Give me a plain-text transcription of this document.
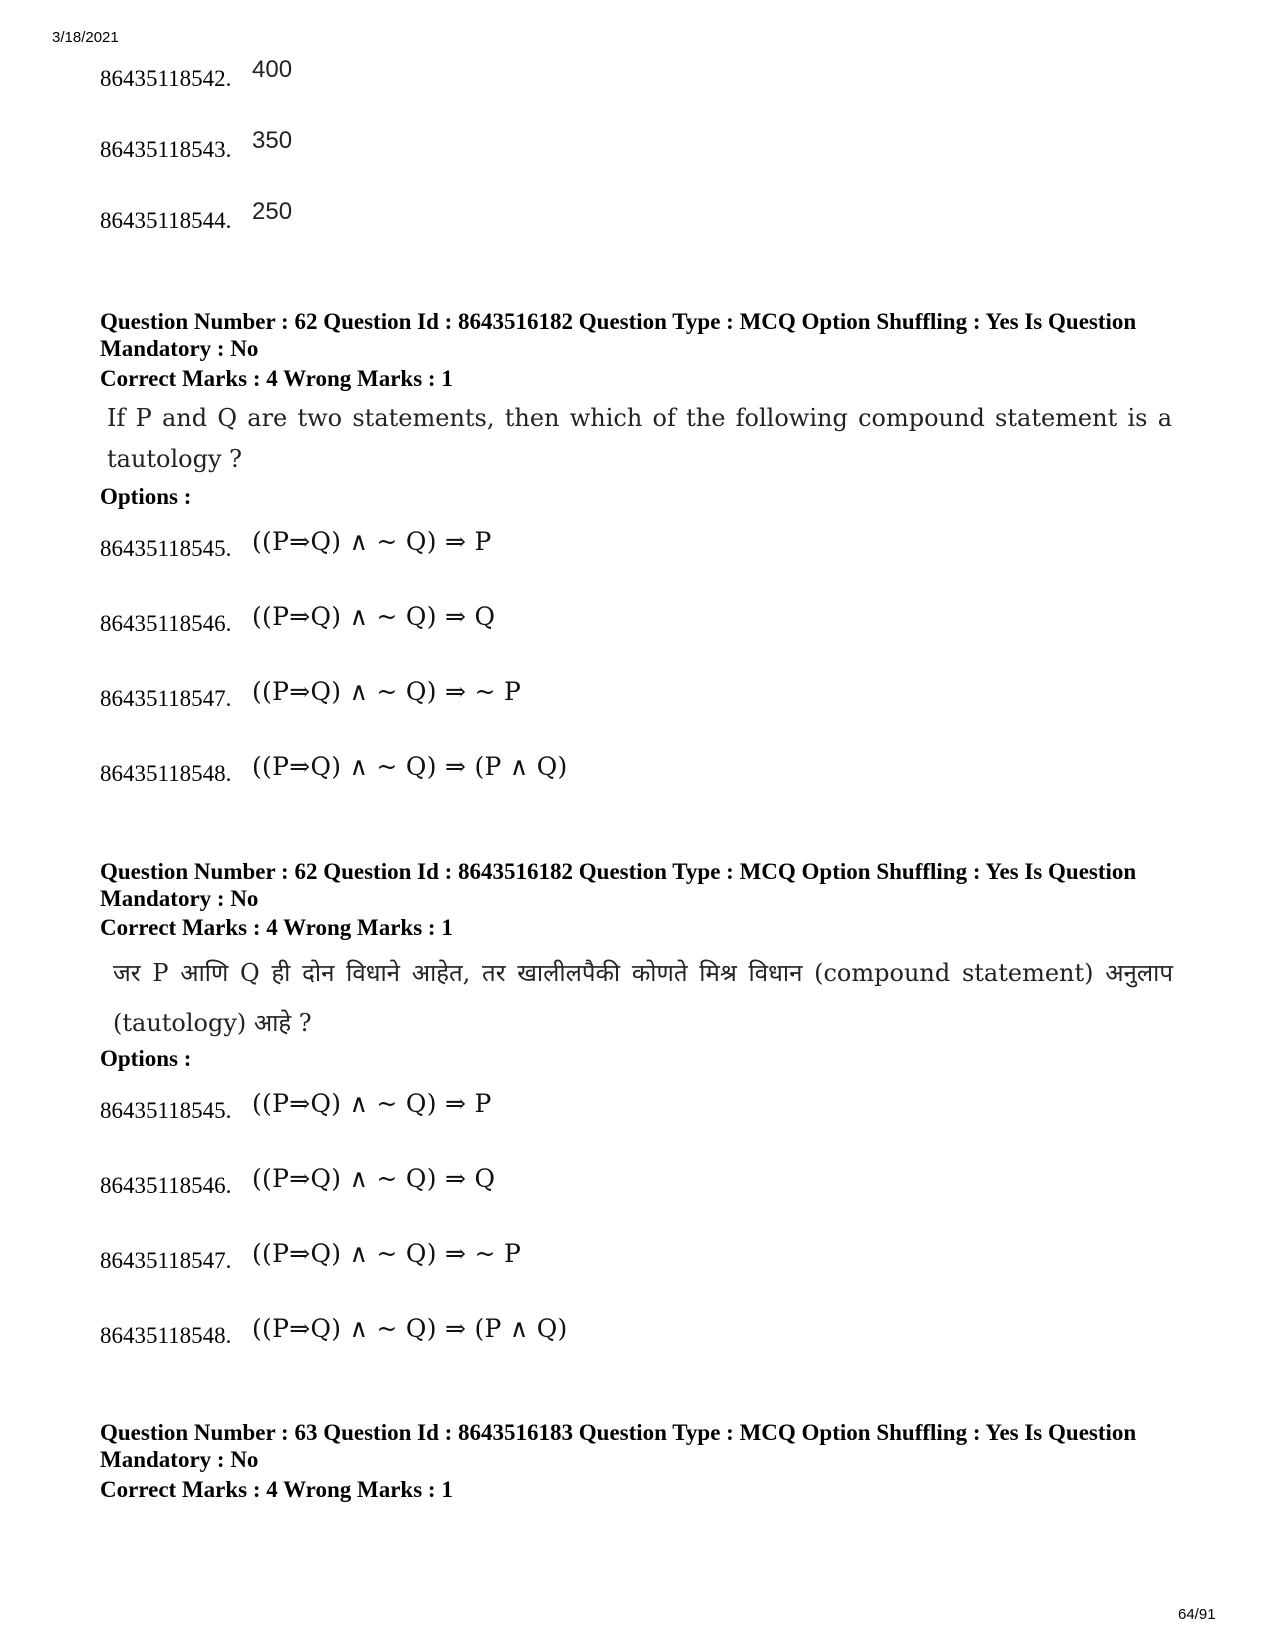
3/18/2021
86435118542. 400
86435118543. 350
86435118544. 250
Question Number : 62 Question Id : 8643516182 Question Type : MCQ Option Shuffling : Yes Is Question Mandatory : No
Correct Marks : 4 Wrong Marks : 1
If P and Q are two statements, then which of the following compound statement is a tautology ?
Options :
86435118545. ((P⇒Q) ∧ ~ Q) ⇒ P
86435118546. ((P⇒Q) ∧ ~ Q) ⇒ Q
86435118547. ((P⇒Q) ∧ ~ Q) ⇒ ~ P
86435118548. ((P⇒Q) ∧ ~ Q) ⇒ (P ∧ Q)
Question Number : 62 Question Id : 8643516182 Question Type : MCQ Option Shuffling : Yes Is Question Mandatory : No
Correct Marks : 4 Wrong Marks : 1
जर P आणि Q ही दोन विधाने आहेत, तर खालीलपैकी कोणते मिश्र विधान (compound statement) अनुलाप (tautology) आहे ?
Options :
86435118545. ((P⇒Q) ∧ ~ Q) ⇒ P
86435118546. ((P⇒Q) ∧ ~ Q) ⇒ Q
86435118547. ((P⇒Q) ∧ ~ Q) ⇒ ~ P
86435118548. ((P⇒Q) ∧ ~ Q) ⇒ (P ∧ Q)
Question Number : 63 Question Id : 8643516183 Question Type : MCQ Option Shuffling : Yes Is Question Mandatory : No
Correct Marks : 4 Wrong Marks : 1
64/91
